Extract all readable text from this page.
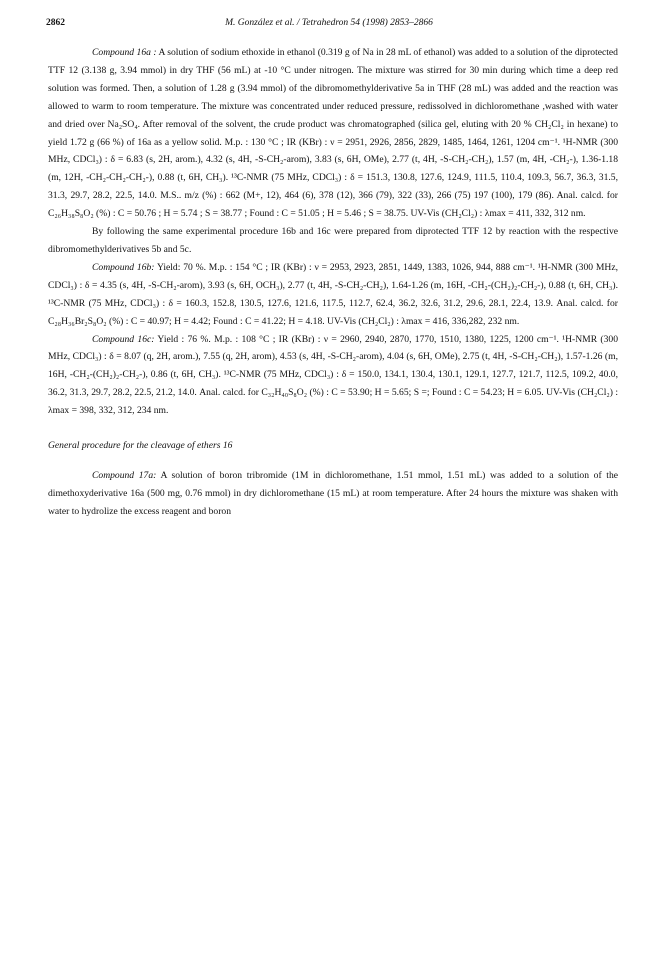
2862	M. González et al. / Tetrahedron 54 (1998) 2853–2866

Compound 16a : A solution of sodium ethoxide in ethanol (0.319 g of Na in 28 mL of ethanol) was added to a solution of the diprotected TTF 12 (3.138 g, 3.94 mmol) in dry THF (56 mL) at -10 °C under nitrogen. The mixture was stirred for 30 min during which time a deep red solution was formed. Then, a solution of 1.28 g (3.94 mmol) of the dibromomethylderivative 5a in THF (28 mL) was added and the reaction was allowed to warm to room temperature. The mixture was concentrated under reduced pressure, redissolved in dichloromethane ,washed with water and dried over Na₂SO₄. After removal of the solvent, the crude product was chromatographed (silica gel, eluting with 20 % CH₂Cl₂ in hexane) to yield 1.72 g (66 %) of 16a as a yellow solid. M.p. : 130 °C ; IR (KBr) : ν = 2951, 2926, 2856, 2829, 1485, 1464, 1261, 1204 cm⁻¹. ¹H-NMR (300 MHz, CDCl₃) : δ = 6.83 (s, 2H, arom.), 4.32 (s, 4H, -S-CH₂-arom), 3.83 (s, 6H, OMe), 2.77 (t, 4H, -S-CH₂-CH₂), 1.57 (m, 4H, -CH₂-), 1.36-1.18 (m, 12H, -CH₂-CH₂-CH₂-), 0.88 (t, 6H, CH₃). ¹³C-NMR (75 MHz, CDCl₃) : δ = 151.3, 130.8, 127.6, 124.9, 111.5, 110.4, 109.3, 56.7, 36.3, 31.5, 31.3, 29.7, 28.2, 22.5, 14.0. M.S.. m/z (%) : 662 (M+, 12), 464 (6), 378 (12), 366 (79), 322 (33), 266 (75) 197 (100), 179 (86). Anal. calcd. for C₂₆H₃₈S₈O₂ (%) : C = 50.76 ; H = 5.74 ; S = 38.77 ; Found : C = 51.05 ; H = 5.46 ; S = 38.75. UV-Vis (CH₂Cl₂) : λmax = 411, 332, 312 nm.

By following the same experimental procedure 16b and 16c were prepared from diprotected TTF 12 by reaction with the respective dibromomethylderivatives 5b and 5c.

Compound 16b: Yield: 70 %. M.p. : 154 °C ; IR (KBr) : ν = 2953, 2923, 2851, 1449, 1383, 1026, 944, 888 cm⁻¹. ¹H-NMR (300 MHz, CDCl₃) : δ = 4.35 (s, 4H, -S-CH₂-arom), 3.93 (s, 6H, OCH₃), 2.77 (t, 4H, -S-CH₂-CH₂), 1.64-1.26 (m, 16H, -CH₂-(CH₂)₂-CH₂-), 0.88 (t, 6H, CH₃). ¹³C-NMR (75 MHz, CDCl₃) : δ = 160.3, 152.8, 130.5, 127.6, 121.6, 117.5, 112.7, 62.4, 36.2, 32.6, 31.2, 29.6, 28.1, 22.4, 13.9. Anal. calcd. for C₂₈H₃₆Br₂S₈O₂ (%) : C = 40.97; H = 4.42; Found : C = 41.22; H = 4.18. UV-Vis (CH₂Cl₂) : λmax = 416, 336,282, 232 nm.

Compound 16c: Yield : 76 %. M.p. : 108 °C ; IR (KBr) : ν = 2960, 2940, 2870, 1770, 1510, 1380, 1225, 1200 cm⁻¹. ¹H-NMR (300 MHz, CDCl₃) : δ = 8.07 (q, 2H, arom.), 7.55 (q, 2H, arom), 4.53 (s, 4H, -S-CH₂-arom), 4.04 (s, 6H, OMe), 2.75 (t, 4H, -S-CH₂-CH₂), 1.57-1.26 (m, 16H, -CH₂-(CH₂)₂-CH₂-), 0.86 (t, 6H, CH₃). ¹³C-NMR (75 MHz, CDCl₃) : δ = 150.0, 134.1, 130.4, 130.1, 129.1, 127.7, 121.7, 112.5, 109.2, 40.0, 36.2, 31.3, 29.7, 28.2, 22.5, 21.2, 14.0. Anal. calcd. for C₃₂H₄₀S₈O₂ (%) : C = 53.90; H = 5.65; S =; Found : C = 54.23; H = 6.05. UV-Vis (CH₂Cl₂) : λmax = 398, 332, 312, 234 nm.

General procedure for the cleavage of ethers 16

Compound 17a: A solution of boron tribromide (1M in dichloromethane, 1.51 mmol, 1.51 mL) was added to a solution of the dimethoxyderivative 16a (500 mg, 0.76 mmol) in dry dichloromethane (15 mL) at room temperature. After 24 hours the mixture was shaken with water to hydrolize the excess reagent and boron
